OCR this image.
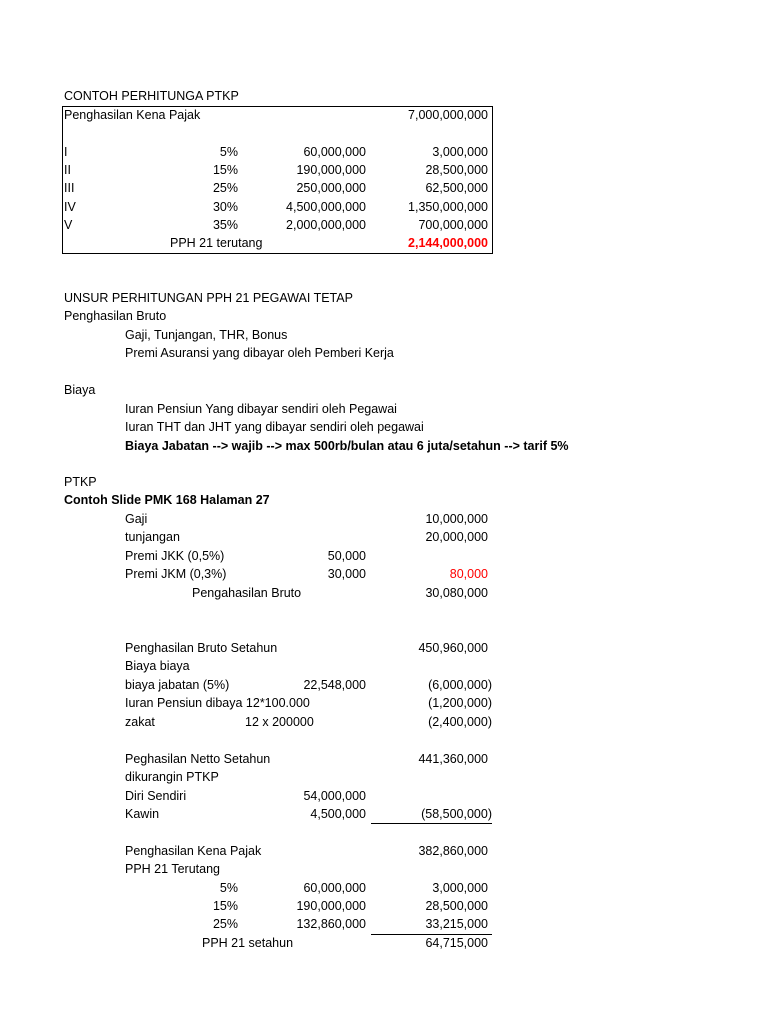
CONTOH PERHITUNGA PTKP
Penghasilan Kena Pajak	7,000,000,000
I	5%	60,000,000	3,000,000
II	15%	190,000,000	28,500,000
III	25%	250,000,000	62,500,000
IV	30%	4,500,000,000	1,350,000,000
V	35%	2,000,000,000	700,000,000
PPH 21 terutang	2,144,000,000
UNSUR PERHITUNGAN PPH 21 PEGAWAI TETAP
Penghasilan Bruto
Gaji, Tunjangan, THR, Bonus
Premi Asuransi yang dibayar oleh Pemberi Kerja
Biaya
Iuran Pensiun Yang dibayar sendiri oleh Pegawai
Iuran THT dan JHT yang dibayar sendiri oleh pegawai
Biaya Jabatan --> wajib --> max 500rb/bulan atau 6 juta/setahun --> tarif 5%
PTKP
Contoh Slide PMK 168 Halaman 27
Gaji	10,000,000
tunjangan	20,000,000
Premi JKK (0,5%)	50,000
Premi JKM (0,3%)	30,000	80,000
Pengahasilan Bruto	30,080,000
Penghasilan Bruto Setahun	450,960,000
Biaya biaya
biaya jabatan (5%)	22,548,000	(6,000,000)
Iuran Pensiun dibaya 12*100.000	(1,200,000)
zakat	12 x 200000	(2,400,000)
Peghasilan Netto Setahun	441,360,000
dikurangin PTKP
Diri Sendiri	54,000,000
Kawin	4,500,000	(58,500,000)
Penghasilan Kena Pajak	382,860,000
PPH 21 Terutang
5%	60,000,000	3,000,000
15%	190,000,000	28,500,000
25%	132,860,000	33,215,000
PPH 21 setahun	64,715,000
